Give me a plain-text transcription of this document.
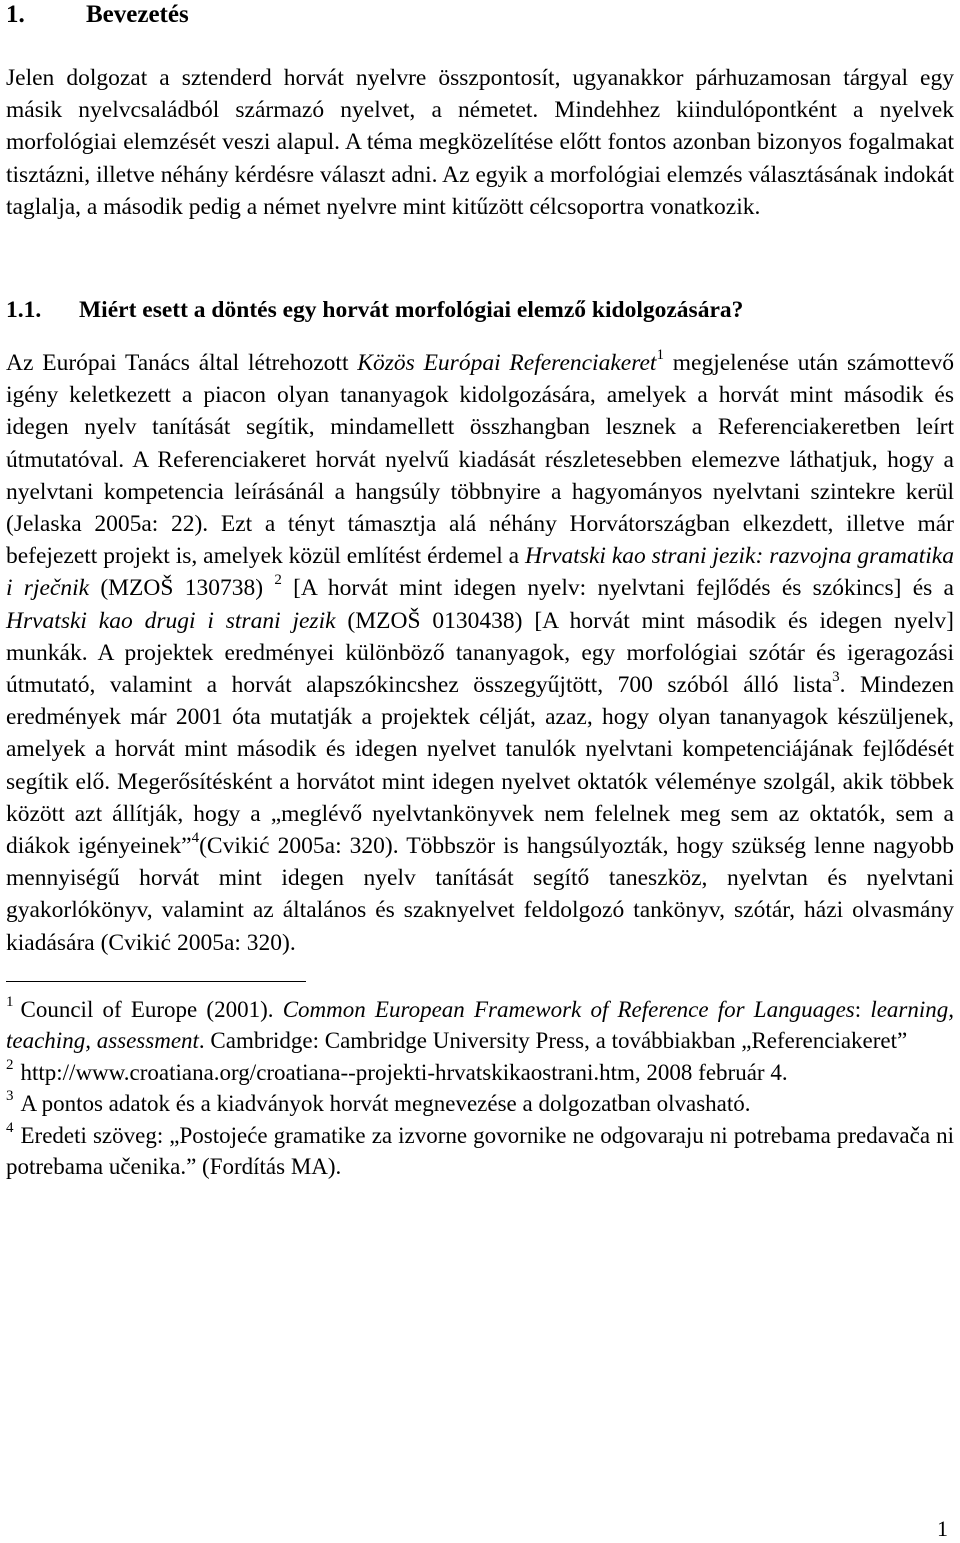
1. Bevezetés

Jelen dolgozat a sztenderd horvát nyelvre összpontosít, ugyanakkor párhuzamosan tárgyal egy másik nyelvcsaládból származó nyelvet, a németet. Mindehhez kiindulópontként a nyelvek morfológiai elemzését veszi alapul. A téma megközelítése előtt fontos azonban bizonyos fogalmakat tisztázni, illetve néhány kérdésre választ adni. Az egyik a morfológiai elemzés választásának indokát taglalja, a második pedig a német nyelvre mint kitűzött célcsoportra vonatkozik.

1.1. Miért esett a döntés egy horvát morfológiai elemző kidolgozására?

Az Európai Tanács által létrehozott Közös Európai Referenciakeret$^1$ megjelenése után számottevő igény keletkezett a piacon olyan tananyagok kidolgozására, amelyek a horvát mint második és idegen nyelv tanítását segítik, mindamellett összhangban lesznek a Referenciakeretben leírt útmutatóval. A Referenciakeret horvát nyelvű kiadását részletesebben elemezve láthatjuk, hogy a nyelvtani kompetencia leírásánál a hangsúly többnyire a hagyományos nyelvtani szintekre kerül (Jelaska 2005a: 22). Ezt a tényt támasztja alá néhány Horvátországban elkezdett, illetve már befejezett projekt is, amelyek közül említést érdemel a Hrvatski kao strani jezik: razvojna gramatika i rječnik (MZOŠ 130738) $^2$ [A horvát mint idegen nyelv: nyelvtani fejlődés és szókincs] és a Hrvatski kao drugi i strani jezik (MZOŠ 0130438) [A horvát mint második és idegen nyelv] munkák. A projektek eredményei különböző tananyagok, egy morfológiai szótár és igeragozási útmutató, valamint a horvát alapszókincshez összegyűjtött, 700 szóból álló lista$^3$. Mindezen eredmények már 2001 óta mutatják a projektek célját, azaz, hogy olyan tananyagok készüljenek, amelyek a horvát mint második és idegen nyelvet tanulók nyelvtani kompetenciájának fejlődését segítik elő. Megerősítésként a horvátot mint idegen nyelvet oktatók véleménye szolgál, akik többek között azt állítják, hogy a „meglévő nyelvtankönyvek nem felelnek meg sem az oktatók, sem a diákok igényeinek”$^4$(Cvikić 2005a: 320). Többször is hangsúlyozták, hogy szükség lenne nagyobb mennyiségű horvát mint idegen nyelv tanítását segítő taneszköz, nyelvtan és nyelvtani gyakorlókönyv, valamint az általános és szaknyelvet feldolgozó tankönyv, szótár, házi olvasmány kiadására (Cvikić 2005a: 320).

$^1$ Council of Europe (2001). Common European Framework of Reference for Languages: learning, teaching, assessment. Cambridge: Cambridge University Press, a továbbiakban „Referenciakeret”

$^2$ http://www.croatiana.org/croatiana--projekti-hrvatskikaostrani.htm, 2008 február 4.

$^3$ A pontos adatok és a kiadványok horvát megnevezése a dolgozatban olvasható.

$^4$ Eredeti szöveg: „Postojeće gramatike za izvorne govornike ne odgovaraju ni potrebama predavača ni potrebama učenika.” (Fordítás MA).

1
